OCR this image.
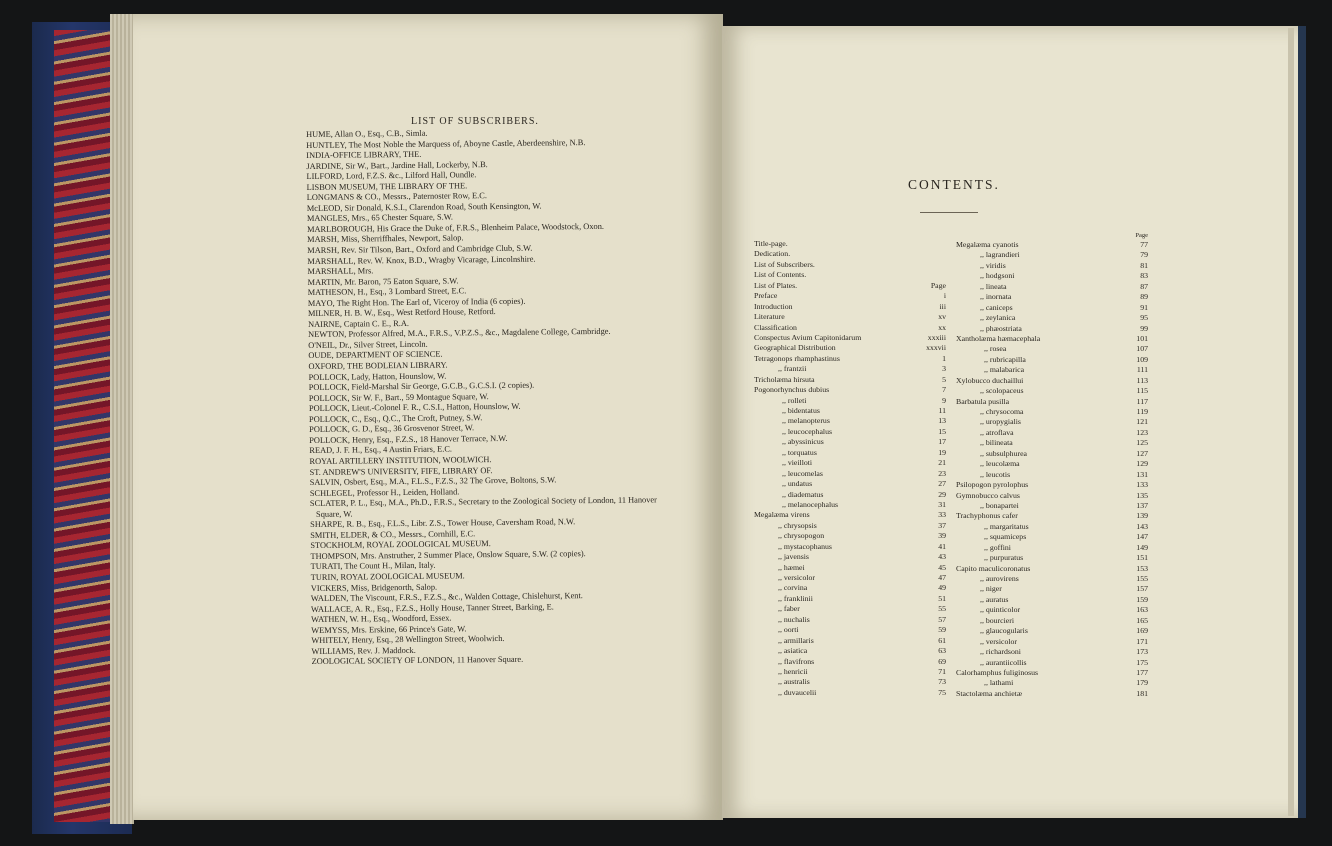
LIST OF SUBSCRIBERS.
HUME, Allan O., Esq., C.B., Simla.
HUNTLEY, The Most Noble the Marquess of, Aboyne Castle, Aberdeenshire, N.B.
INDIA-OFFICE LIBRARY, THE.
JARDINE, Sir W., Bart., Jardine Hall, Lockerby, N.B.
LILFORD, Lord, F.Z.S. &c., Lilford Hall, Oundle.
LISBON MUSEUM, THE LIBRARY OF THE.
LONGMANS & CO., Messrs., Paternoster Row, E.C.
McLEOD, Sir Donald, K.S.I., Clarendon Road, South Kensington, W.
MANGLES, Mrs., 65 Chester Square, S.W.
MARLBOROUGH, His Grace the Duke of, F.R.S., Blenheim Palace, Woodstock, Oxon.
MARSH, Miss, Sherriffhales, Newport, Salop.
MARSH, Rev. Sir Tilson, Bart., Oxford and Cambridge Club, S.W.
MARSHALL, Rev. W. Knox, B.D., Wragby Vicarage, Lincolnshire.
MARSHALL, Mrs.
MARTIN, Mr. Baron, 75 Eaton Square, S.W.
MATHESON, H., Esq., 3 Lombard Street, E.C.
MAYO, The Right Hon. The Earl of, Viceroy of India (6 copies).
MILNER, H. B. W., Esq., West Retford House, Retford.
NAIRNE, Captain C. E., R.A.
NEWTON, Professor Alfred, M.A., F.R.S., V.P.Z.S., &c., Magdalene College, Cambridge.
O'NEIL, Dr., Silver Street, Lincoln.
OUDE, DEPARTMENT OF SCIENCE.
OXFORD, THE BODLEIAN LIBRARY.
POLLOCK, Lady, Hatton, Hounslow, W.
POLLOCK, Field-Marshal Sir George, G.C.B., G.C.S.I. (2 copies).
POLLOCK, Sir W. F., Bart., 59 Montague Square, W.
POLLOCK, Lieut.-Colonel F. R., C.S.I., Hatton, Hounslow, W.
POLLOCK, C., Esq., Q.C., The Croft, Putney, S.W.
POLLOCK, G. D., Esq., 36 Grosvenor Street, W.
POLLOCK, Henry, Esq., F.Z.S., 18 Hanover Terrace, N.W.
READ, J. F. H., Esq., 4 Austin Friars, E.C.
ROYAL ARTILLERY INSTITUTION, WOOLWICH.
ST. ANDREW'S UNIVERSITY, FIFE, LIBRARY OF.
SALVIN, Osbert, Esq., M.A., F.L.S., F.Z.S., 32 The Grove, Boltons, S.W.
SCHLEGEL, Professor H., Leiden, Holland.
SCLATER, P. L., Esq., M.A., Ph.D., F.R.S., Secretary to the Zoological Society of London, 11 Hanover
Square, W.
SHARPE, R. B., Esq., F.L.S., Libr. Z.S., Tower House, Caversham Road, N.W.
SMITH, ELDER, & CO., Messrs., Cornhill, E.C.
STOCKHOLM, ROYAL ZOOLOGICAL MUSEUM.
THOMPSON, Mrs. Anstruther, 2 Summer Place, Onslow Square, S.W. (2 copies).
TURATI, The Count H., Milan, Italy.
TURIN, ROYAL ZOOLOGICAL MUSEUM.
VICKERS, Miss, Bridgenorth, Salop.
WALDEN, The Viscount, F.R.S., F.Z.S., &c., Walden Cottage, Chislehurst, Kent.
WALLACE, A. R., Esq., F.Z.S., Holly House, Tanner Street, Barking, E.
WATHEN, W. H., Esq., Woodford, Essex.
WEMYSS, Mrs. Erskine, 66 Prince's Gate, W.
WHITELY, Henry, Esq., 28 Wellington Street, Woolwich.
WILLIAMS, Rev. J. Maddock.
ZOOLOGICAL SOCIETY OF LONDON, 11 Hanover Square.
CONTENTS.
Title-page.
Dedication.
List of Subscribers.
List of Contents.
List of Plates.	Page
Preface	i
Introduction	iii
Literature	xv
Classification	xx
Conspectus Avium Capitonidarum	xxxiii
Geographical Distribution	xxxvii
Tetragonops rhamphastinus	1
,, frantzii	3
Tricholæma hirsuta	5
Pogonorhynchus dubius	7
,, rolleti	9
,, bidentatus	11
,, melanopterus	13
,, leucocephalus	15
,, abyssinicus	17
,, torquatus	19
,, vieilloti	21
,, leucomelas	23
,, undatus	27
,, diadematus	29
,, melanocephalus	31
Megalæma virens	33
,, chrysopsis	37
,, chrysopogon	39
,, mystacophanus	41
,, javensis	43
,, hæmei	45
,, versicolor	47
,, corvina	49
,, franklinii	51
,, faber	55
,, nuchalis	57
,, oorti	59
,, armillaris	61
,, asiatica	63
,, flavifrons	69
,, henricii	71
,, australis	73
,, duvaucelii	75
Page
Megalæma cyanotis	77
,, lagrandieri	79
,, viridis	81
,, hodgsoni	83
,, lineata	87
,, inornata	89
,, caniceps	91
,, zeylanica	95
,, phæostriata	99
Xantholæma hæmacephala	101
,, rosea	107
,, rubricapilla	109
,, malabarica	111
Xylobucco duchaillui	113
,, scolopaceus	115
Barbatula pusilla	117
,, chrysocoma	119
,, uropygialis	121
,, atroflava	123
,, bilineata	125
,, subsulphurea	127
,, leucolæma	129
,, leucotis	131
Psilopogon pyrolophus	133
Gymnobucco calvus	135
,, bonapartei	137
Trachyphonus cafer	139
,, margaritatus	143
,, squamiceps	147
,, goffini	149
,, purpuratus	151
Capito maculicoronatus	153
,, aurovirens	155
,, niger	157
,, auratus	159
,, quinticolor	163
,, bourcieri	165
,, glaucogularis	169
,, versicolor	171
,, richardsoni	173
,, aurantiicollis	175
Calorhamphus fuliginosus	177
,, lathami	179
Stactolæma anchietæ	181
